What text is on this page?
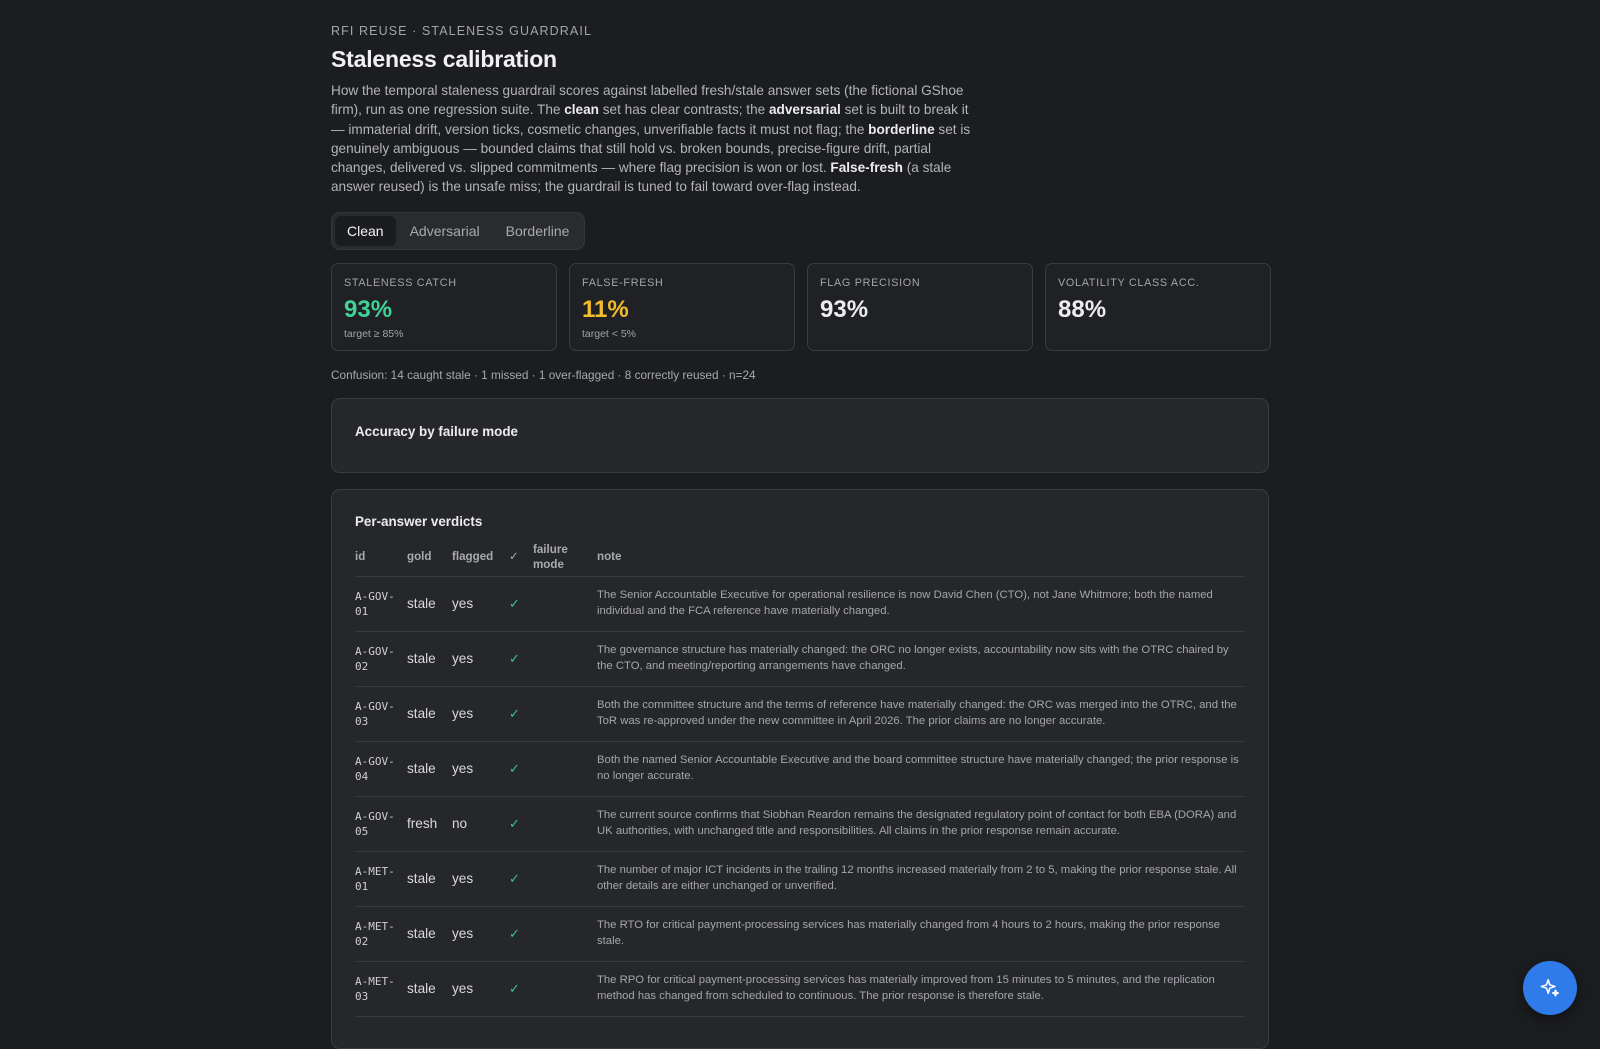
RFI REUSE · STALENESS GUARDRAIL
Staleness calibration
How the temporal staleness guardrail scores against labelled fresh/stale answer sets (the fictional GShoe firm), run as one regression suite. The clean set has clear contrasts; the adversarial set is built to break it — immaterial drift, version ticks, cosmetic changes, unverifiable facts it must not flag; the borderline set is genuinely ambiguous — bounded claims that still hold vs. broken bounds, precise-figure drift, partial changes, delivered vs. slipped commitments — where flag precision is won or lost. False-fresh (a stale answer reused) is the unsafe miss; the guardrail is tuned to fail toward over-flag instead.
Clean	Adversarial	Borderline
STALENESS CATCH
93%
target ≥ 85%
FALSE-FRESH
11%
target < 5%
FLAG PRECISION
93%
VOLATILITY CLASS ACC.
88%
Confusion: 14 caught stale · 1 missed · 1 over-flagged · 8 correctly reused · n=24
Accuracy by failure mode
Per-answer verdicts
id	gold	flagged	✓	failure mode	note
A-GOV-01	stale	yes	✓		The Senior Accountable Executive for operational resilience is now David Chen (CTO), not Jane Whitmore; both the named individual and the FCA reference have materially changed.
A-GOV-02	stale	yes	✓		The governance structure has materially changed: the ORC no longer exists, accountability now sits with the OTRC chaired by the CTO, and meeting/reporting arrangements have changed.
A-GOV-03	stale	yes	✓		Both the committee structure and the terms of reference have materially changed: the ORC was merged into the OTRC, and the ToR was re-approved under the new committee in April 2026. The prior claims are no longer accurate.
A-GOV-04	stale	yes	✓		Both the named Senior Accountable Executive and the board committee structure have materially changed; the prior response is no longer accurate.
A-GOV-05	fresh	no	✓		The current source confirms that Siobhan Reardon remains the designated regulatory point of contact for both EBA (DORA) and UK authorities, with unchanged title and responsibilities. All claims in the prior response remain accurate.
A-MET-01	stale	yes	✓		The number of major ICT incidents in the trailing 12 months increased materially from 2 to 5, making the prior response stale. All other details are either unchanged or unverified.
A-MET-02	stale	yes	✓		The RTO for critical payment-processing services has materially changed from 4 hours to 2 hours, making the prior response stale.
A-MET-03	stale	yes	✓		The RPO for critical payment-processing services has materially improved from 15 minutes to 5 minutes, and the replication method has changed from scheduled to continuous. The prior response is therefore stale.
